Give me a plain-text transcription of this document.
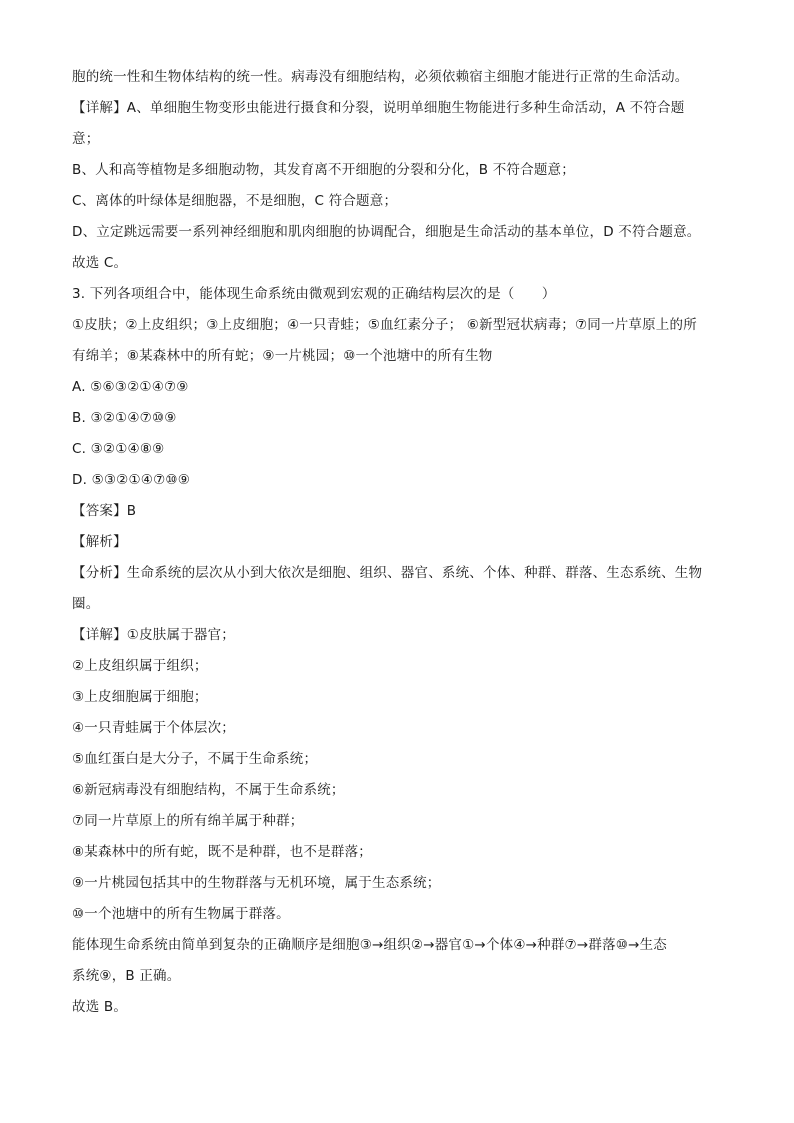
胞的统一性和生物体结构的统一性。病毒没有细胞结构，必须依赖宿主细胞才能进行正常的生命活动。
【详解】A、单细胞生物变形虫能进行摄食和分裂，说明单细胞生物能进行多种生命活动，A 不符合题
意；
B、人和高等植物是多细胞动物，其发育离不开细胞的分裂和分化，B 不符合题意；
C、离体的叶绿体是细胞器，不是细胞，C 符合题意；
D、立定跳远需要一系列神经细胞和肌肉细胞的协调配合，细胞是生命活动的基本单位，D 不符合题意。
故选 C。
3. 下列各项组合中，能体现生命系统由微观到宏观的正确结构层次的是（　　）
①皮肤；②上皮组织；③上皮细胞；④一只青蛙；⑤血红素分子； ⑥新型冠状病毒；⑦同一片草原上的所
有绵羊；⑧某森林中的所有蛇；⑨一片桃园；⑩一个池塘中的所有生物
A. ⑤⑥③②①④⑦⑨
B. ③②①④⑦⑩⑨
C. ③②①④⑧⑨
D. ⑤③②①④⑦⑩⑨
【答案】B
【解析】
【分析】生命系统的层次从小到大依次是细胞、组织、器官、系统、个体、种群、群落、生态系统、生物
圈。
【详解】①皮肤属于器官；
②上皮组织属于组织；
③上皮细胞属于细胞；
④一只青蛙属于个体层次；
⑤血红蛋白是大分子，不属于生命系统；
⑥新冠病毒没有细胞结构，不属于生命系统；
⑦同一片草原上的所有绵羊属于种群；
⑧某森林中的所有蛇，既不是种群，也不是群落；
⑨一片桃园包括其中的生物群落与无机环境，属于生态系统；
⑩一个池塘中的所有生物属于群落。
能体现生命系统由简单到复杂的正确顺序是细胞③→组织②→器官①→个体④→种群⑦→群落⑩→生态
系统⑨，B 正确。
故选 B。
